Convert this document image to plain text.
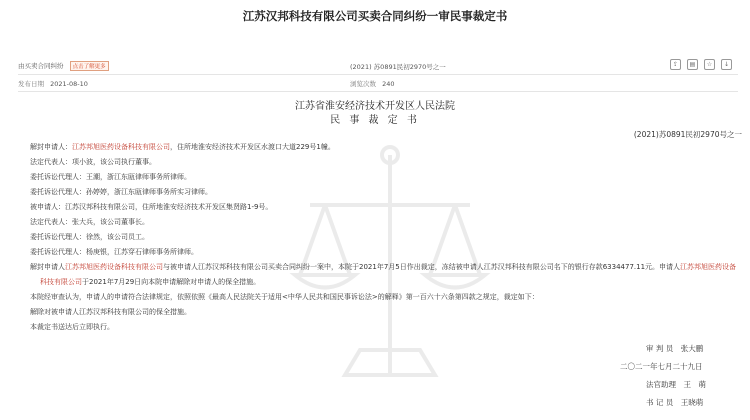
江苏汉邦科技有限公司买卖合同纠纷一审民事裁定书
由买卖合同纠纷 点击了解更多	(2021) 苏0891民初2970号之一	⇪	▤	☆	↓
发布日期 2021-08-10	浏览次数 240
江苏省淮安经济技术开发区人民法院
民 事 裁 定 书
(2021)苏0891民初2970号之一
解封申请人：江苏邦旭医药设备科技有限公司，住所地淮安经济技术开发区水渡口大道229号1幢。
法定代表人：项小波，该公司执行董事。
委托诉讼代理人：王潮，浙江东瓯律师事务所律师。
委托诉讼代理人：孙婷婷，浙江东瓯律师事务所实习律师。
被申请人：江苏汉邦科技有限公司，住所地淮安经济技术开发区集贤路1-9号。
法定代表人：张大兵，该公司董事长。
委托诉讼代理人：徐然，该公司员工。
委托诉讼代理人：杨庚银，江苏穿石律师事务所律师。
解封申请人江苏邦旭医药设备科技有限公司与被申请人江苏汉邦科技有限公司买卖合同纠纷一案中，本院于2021年7月5日作出裁定，冻结被申请人江苏汉邦科技有限公司名下的银行存款6334477.11元。申请人江苏邦旭医药设备科技有限公司于2021年7月29日向本院申请解除对申请人的保全措施。
本院经审查认为，申请人的申请符合法律规定，依照依照《最高人民法院关于适用<中华人民共和国民事诉讼法>的解释》第一百六十六条第四款之规定，裁定如下：
解除对被申请人江苏汉邦科技有限公司的保全措施。
本裁定书送达后立即执行。
审 判 员　张大鹏
二〇二一年七月二十九日
法官助理　王　萌
书 记 员　王晓萌
